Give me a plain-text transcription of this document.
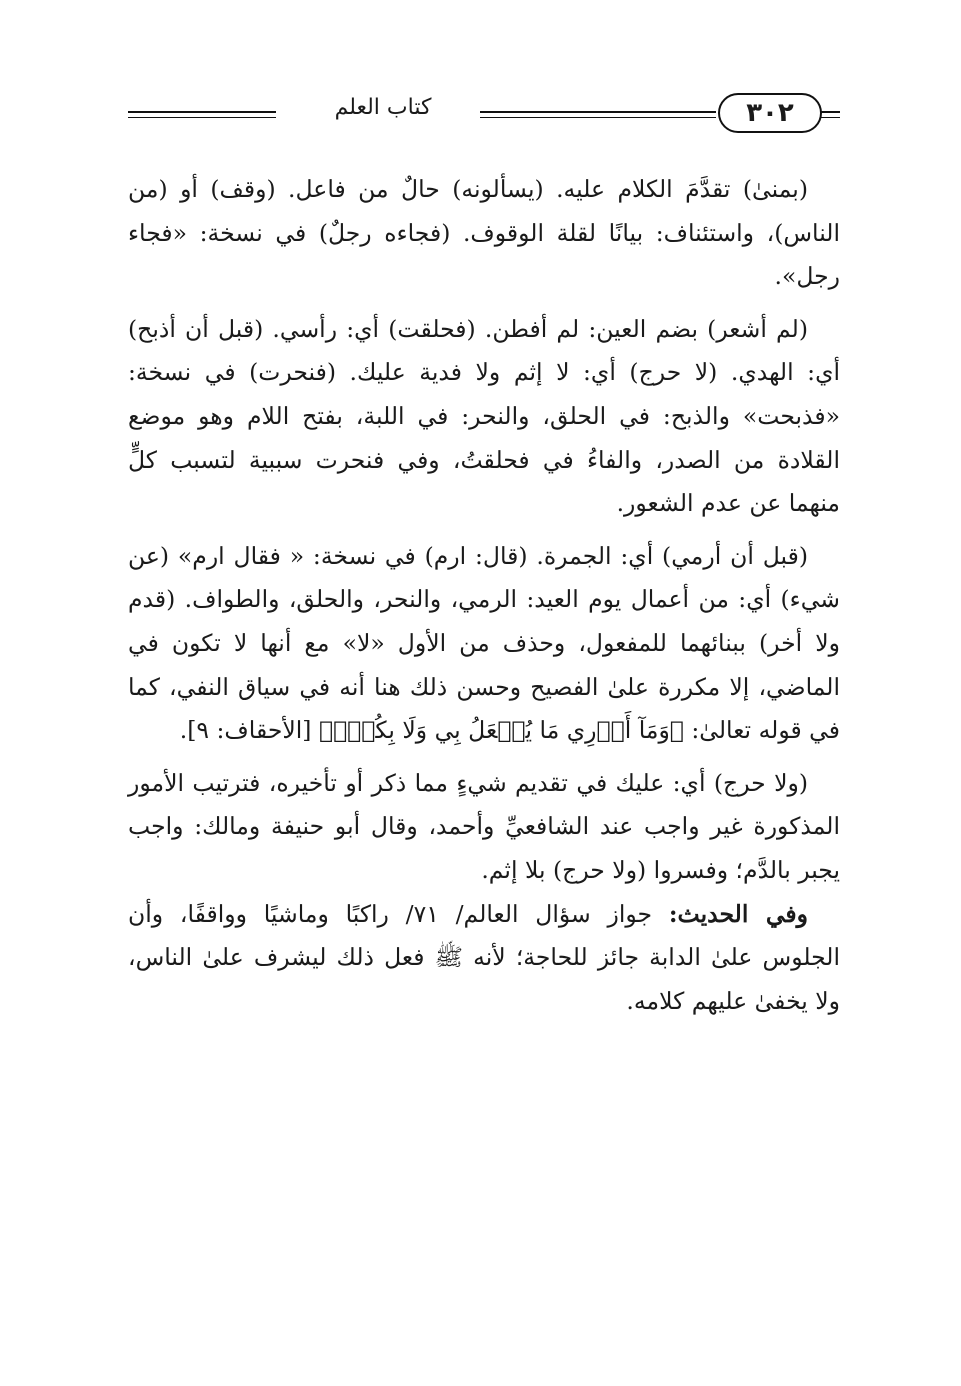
كتاب العلم	٣٠٢

(بمنىٰ) تقدَّمَ الكلام عليه. (يسألونه) حالٌ من فاعل. (وقف) أو (من الناس)، واستئناف: بيانًا لقلة الوقوف. (فجاءه رجلٌ) في نسخة: «فجاء رجل».

(لم أشعر) بضم العين: لم أفطن. (فحلقت) أي: رأسي. (قبل أن أذبح) أي: الهدي. (لا حرج) أي: لا إثم ولا فدية عليك. (فنحرت) في نسخة: «فذبحت» والذبح: في الحلق، والنحر: في اللبة، بفتح اللام وهو موضع القلادة من الصدر، والفاءُ في فحلقتُ، وفي فنحرت سببية لتسبب كلٍّ منهما عن عدم الشعور.

(قبل أن أرمي) أي: الجمرة. (قال: ارم) في نسخة: « فقال ارم» (عن شيء) أي: من أعمال يوم العيد: الرمي، والنحر، والحلق، والطواف. (قدم ولا أخر) ببنائهما للمفعول، وحذف من الأول «لا» مع أنها لا تكون في الماضي، إلا مكررة علىٰ الفصيح وحسن ذلك هنا أنه في سياق النفي، كما في قوله تعالىٰ: ﴿وَمَآ أَدۡرِي مَا يُفۡعَلُ بِي وَلَا بِكُمۡۖ﴾ [الأحقاف: ٩].

(ولا حرج) أي: عليك في تقديم شيءٍ مما ذكر أو تأخيره، فترتيب الأمور المذكورة غير واجب عند الشافعيِّ وأحمد، وقال أبو حنيفة ومالك: واجب يجبر بالدَّم؛ وفسروا (ولا حرج) بلا إثم.

وفي الحديث: جواز سؤال العالم/ ٧١/ راكبًا وماشيًا وواقفًا، وأن الجلوس علىٰ الدابة جائز للحاجة؛ لأنه ﷺ فعل ذلك ليشرف علىٰ الناس، ولا يخفىٰ عليهم كلامه.
